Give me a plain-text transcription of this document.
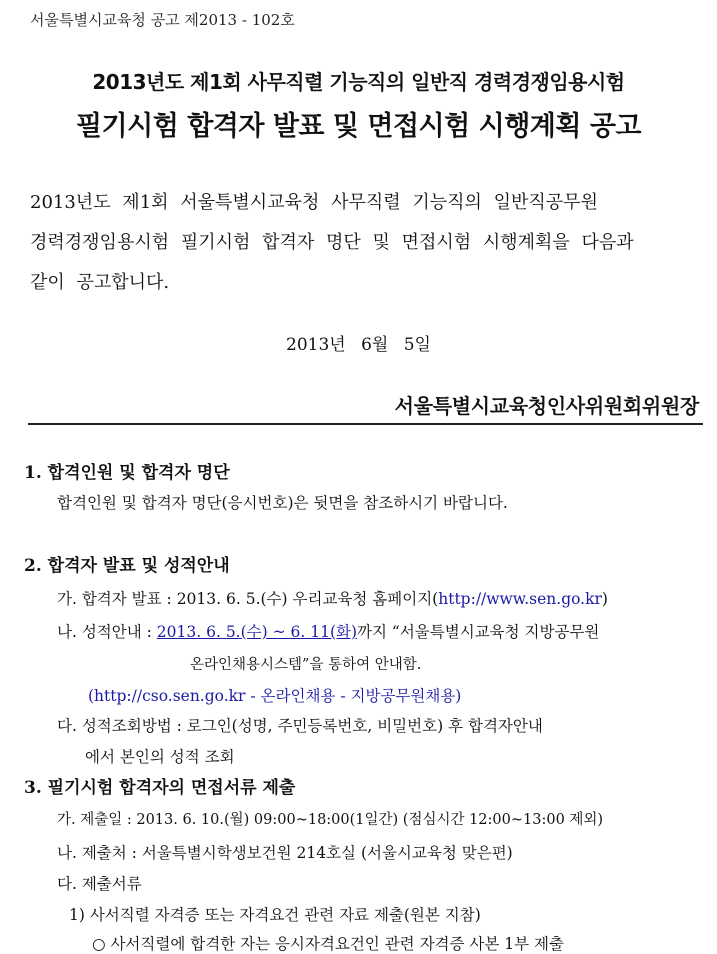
서울특별시교육청 공고 제2013 - 102호
2013년도 제1회 사무직렬 기능직의 일반직 경력경쟁임용시험
필기시험 합격자 발표 및 면접시험 시행계획 공고
2013년도 제1회 서울특별시교육청 사무직렬 기능직의 일반직공무원
경력경쟁임용시험 필기시험 합격자 명단 및 면접시험 시행계획을 다음과
같이 공고합니다.
2013년 6월 5일
서울특별시교육청인사위원회위원장
1. 합격인원 및 합격자 명단
합격인원 및 합격자 명단(응시번호)은 뒷면을 참조하시기 바랍니다.
2. 합격자 발표 및 성적안내
가. 합격자 발표 : 2013. 6. 5.(수) 우리교육청 홈페이지(http://www.sen.go.kr)
나. 성적안내 : 2013. 6. 5.(수) ~ 6. 11(화)까지 “서울특별시교육청 지방공무원
온라인채용시스템”을 통하여 안내함.
(http://cso.sen.go.kr - 온라인채용 - 지방공무원채용)
다. 성적조회방법 : 로그인(성명, 주민등록번호, 비밀번호) 후 합격자안내
에서 본인의 성적 조회
3. 필기시험 합격자의 면접서류 제출
가. 제출일 : 2013. 6. 10.(월) 09:00~18:00(1일간) (점심시간 12:00~13:00 제외)
나. 제출처 : 서울특별시학생보건원 214호실 (서울시교육청 맞은편)
다. 제출서류
1) 사서직렬 자격증 또는 자격요건 관련 자료 제출(원본 지참)
○ 사서직렬에 합격한 자는 응시자격요건인 관련 자격증 사본 1부 제출
